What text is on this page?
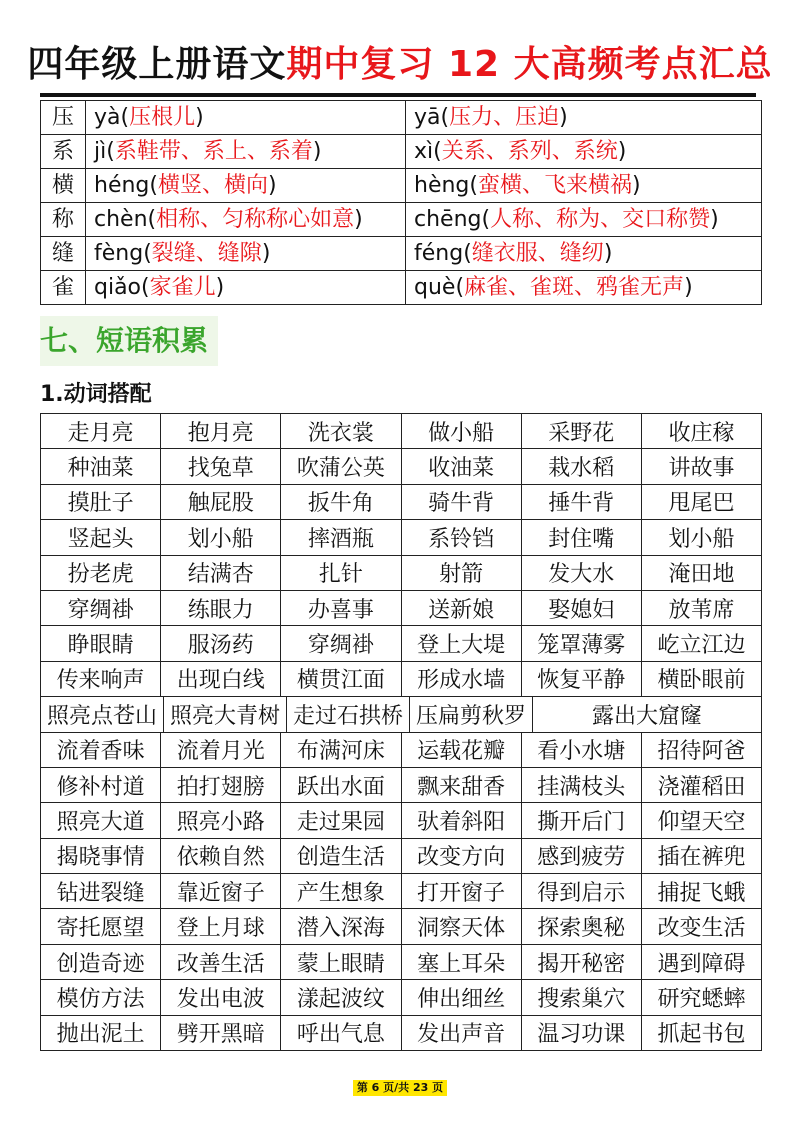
四年级上册语文期中复习 12 大高频考点汇总
压	yà(压根儿)	yā(压力、压迫)
系	jì(系鞋带、系上、系着)	xì(关系、系列、系统)
横	héng(横竖、横向)	hèng(蛮横、飞来横祸)
称	chèn(相称、匀称称心如意)	chēng(人称、称为、交口称赞)
缝	fèng(裂缝、缝隙)	féng(缝衣服、缝纫)
雀	qiǎo(家雀儿)	què(麻雀、雀斑、鸦雀无声)
七、短语积累
1.动词搭配
走月亮	抱月亮	洗衣裳	做小船	采野花	收庄稼
种油菜	找兔草	吹蒲公英	收油菜	栽水稻	讲故事
摸肚子	触屁股	扳牛角	骑牛背	捶牛背	甩尾巴
竖起头	划小船	摔酒瓶	系铃铛	封住嘴	划小船
扮老虎	结满杏	扎针	射箭	发大水	淹田地
穿绸褂	练眼力	办喜事	送新娘	娶媳妇	放苇席
睁眼睛	服汤药	穿绸褂	登上大堤	笼罩薄雾	屹立江边
传来响声	出现白线	横贯江面	形成水墙	恢复平静	横卧眼前
照亮点苍山 照亮大青树 走过石拱桥 压扁剪秋罗	露出大窟窿
流着香味	流着月光	布满河床	运载花瓣	看小水塘	招待阿爸
修补村道	拍打翅膀	跃出水面	飘来甜香	挂满枝头	浇灌稻田
照亮大道	照亮小路	走过果园	驮着斜阳	撕开后门	仰望天空
揭晓事情	依赖自然	创造生活	改变方向	感到疲劳	插在裤兜
钻进裂缝	靠近窗子	产生想象	打开窗子	得到启示	捕捉飞蛾
寄托愿望	登上月球	潜入深海	洞察天体	探索奥秘	改变生活
创造奇迹	改善生活	蒙上眼睛	塞上耳朵	揭开秘密	遇到障碍
模仿方法	发出电波	漾起波纹	伸出细丝	搜索巢穴	研究蟋蟀
抛出泥土	劈开黑暗	呼出气息	发出声音	温习功课	抓起书包
第 6 页/共 23 页
